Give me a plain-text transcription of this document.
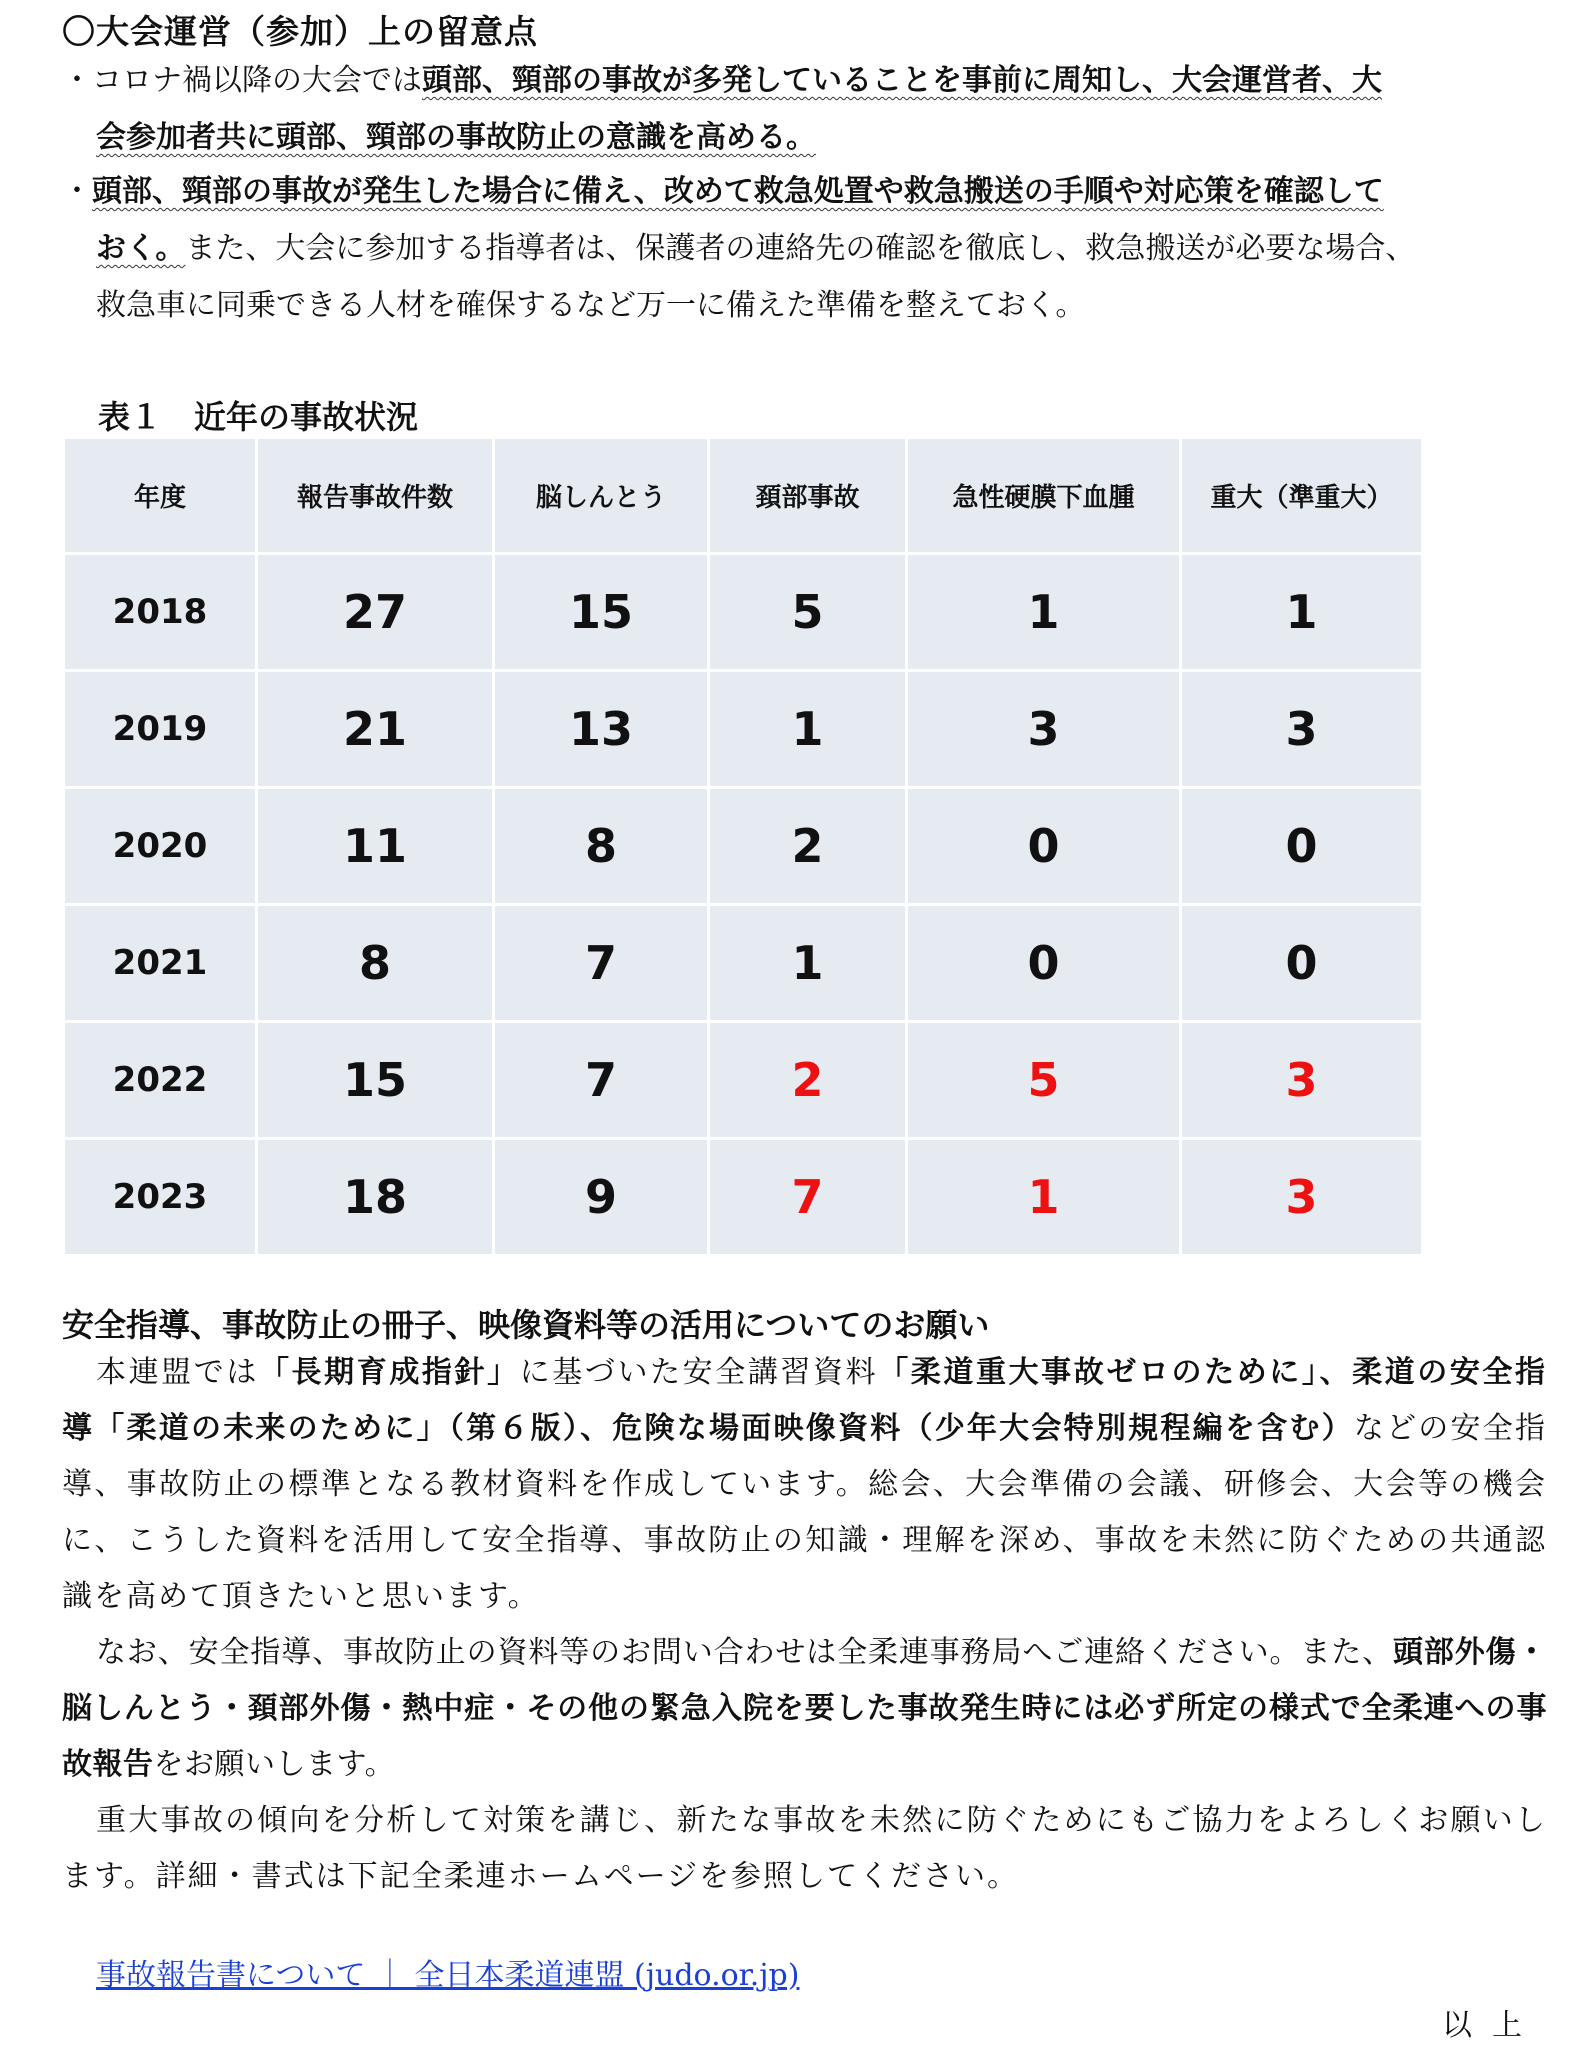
〇大会運営（参加）上の留意点
・コロナ禍以降の大会では頭部、頸部の事故が多発していることを事前に周知し、大会運営者、大
会参加者共に頭部、頸部の事故防止の意識を高める。
・頭部、頸部の事故が発生した場合に備え、改めて救急処置や救急搬送の手順や対応策を確認して
おく。また、大会に参加する指導者は、保護者の連絡先の確認を徹底し、救急搬送が必要な場合、
救急車に同乗できる人材を確保するなど万一に備えた準備を整えておく。
表１　近年の事故状況
年度	報告事故件数	脳しんとう	頚部事故	急性硬膜下血腫	重大（準重大）
2018	27	15	5	1	1
2019	21	13	1	3	3
2020	11	8	2	0	0
2021	8	7	1	0	0
2022	15	7	2	5	3
2023	18	9	7	1	3
安全指導、事故防止の冊子、映像資料等の活用についてのお願い

本連盟では「長期育成指針」に基づいた安全講習資料「柔道重大事故ゼロのために」、柔道の安全指導「柔道の未来のために」（第６版）、危険な場面映像資料（少年大会特別規程編を含む）などの安全指導、事故防止の標準となる教材資料を作成しています。総会、大会準備の会議、研修会、大会等の機会に、こうした資料を活用して安全指導、事故防止の知識・理解を深め、事故を未然に防ぐための共通認識を高めて頂きたいと思います。

なお、安全指導、事故防止の資料等のお問い合わせは全柔連事務局へご連絡ください。また、頭部外傷・脳しんとう・頚部外傷・熱中症・その他の緊急入院を要した事故発生時には必ず所定の様式で全柔連への事故報告をお願いします。

重大事故の傾向を分析して対策を講じ、新たな事故を未然に防ぐためにもご協力をよろしくお願いします。詳細・書式は下記全柔連ホームページを参照してください。

事故報告書について ｜ 全日本柔道連盟 (judo.or.jp)
以上
